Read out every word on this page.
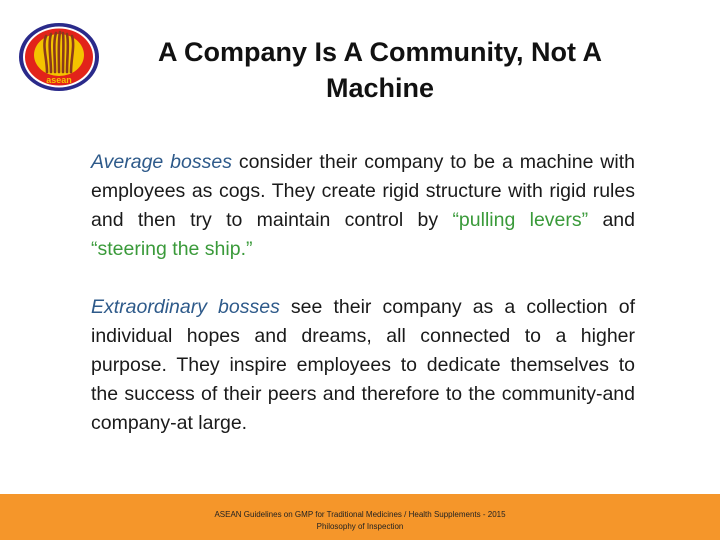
asean
A Company Is A Community, Not A
Machine

Average bosses consider their company to be a machine with employees as cogs. They create rigid structure with rigid rules and then try to maintain control by “pulling levers” and “steering the ship.”

Extraordinary bosses see their company as a collection of individual hopes and dreams, all connected to a higher purpose. They inspire employees to dedicate themselves to the success of their peers and therefore to the community-and company-at large.

ASEAN Guidelines on GMP for Traditional Medicines / Health Supplements - 2015
Philosophy of Inspection
